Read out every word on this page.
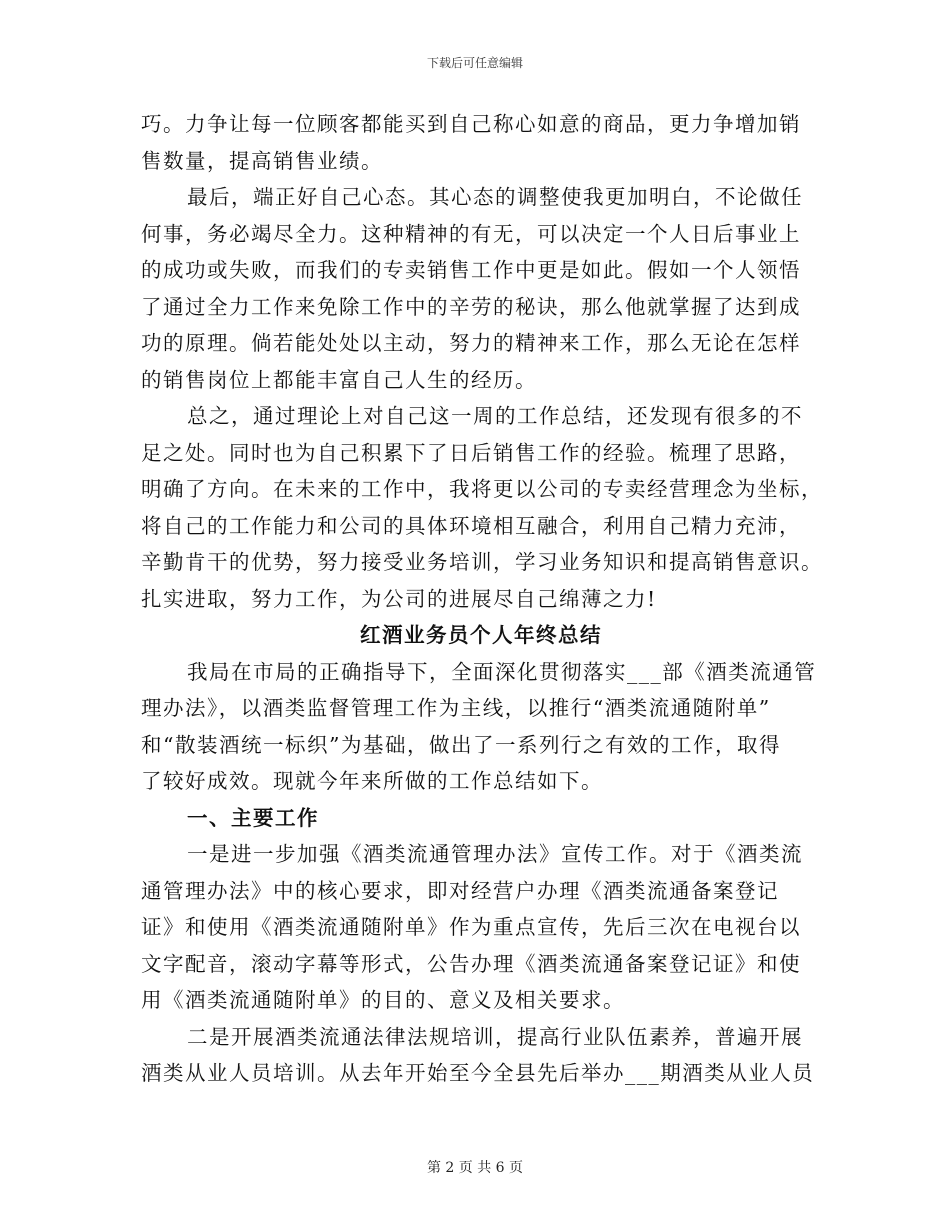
下载后可任意编辑
巧。力争让每一位顾客都能买到自己称心如意的商品，更力争增加销
售数量，提高销售业绩。
最后，端正好自己心态。其心态的调整使我更加明白，不论做任
何事，务必竭尽全力。这种精神的有无，可以决定一个人日后事业上
的成功或失败，而我们的专卖销售工作中更是如此。假如一个人领悟
了通过全力工作来免除工作中的辛劳的秘诀，那么他就掌握了达到成
功的原理。倘若能处处以主动，努力的精神来工作，那么无论在怎样
的销售岗位上都能丰富自己人生的经历。
总之，通过理论上对自己这一周的工作总结，还发现有很多的不
足之处。同时也为自己积累下了日后销售工作的经验。梳理了思路，
明确了方向。在未来的工作中，我将更以公司的专卖经营理念为坐标，
将自己的工作能力和公司的具体环境相互融合，利用自己精力充沛，
辛勤肯干的优势，努力接受业务培训，学习业务知识和提高销售意识。
扎实进取，努力工作，为公司的进展尽自己绵薄之力!
红酒业务员个人年终总结
我局在市局的正确指导下，全面深化贯彻落实___部《酒类流通管
理办法》，以酒类监督管理工作为主线，以推行“酒类流通随附单”
和“散装酒统一标织”为基础，做出了一系列行之有效的工作，取得
了较好成效。现就今年来所做的工作总结如下。
一、主要工作
一是进一步加强《酒类流通管理办法》宣传工作。对于《酒类流
通管理办法》中的核心要求，即对经营户办理《酒类流通备案登记
证》和使用《酒类流通随附单》作为重点宣传，先后三次在电视台以
文字配音，滚动字幕等形式，公告办理《酒类流通备案登记证》和使
用《酒类流通随附单》的目的、意义及相关要求。
二是开展酒类流通法律法规培训，提高行业队伍素养，普遍开展
酒类从业人员培训。从去年开始至今全县先后举办___期酒类从业人员
第 2 页 共 6 页
